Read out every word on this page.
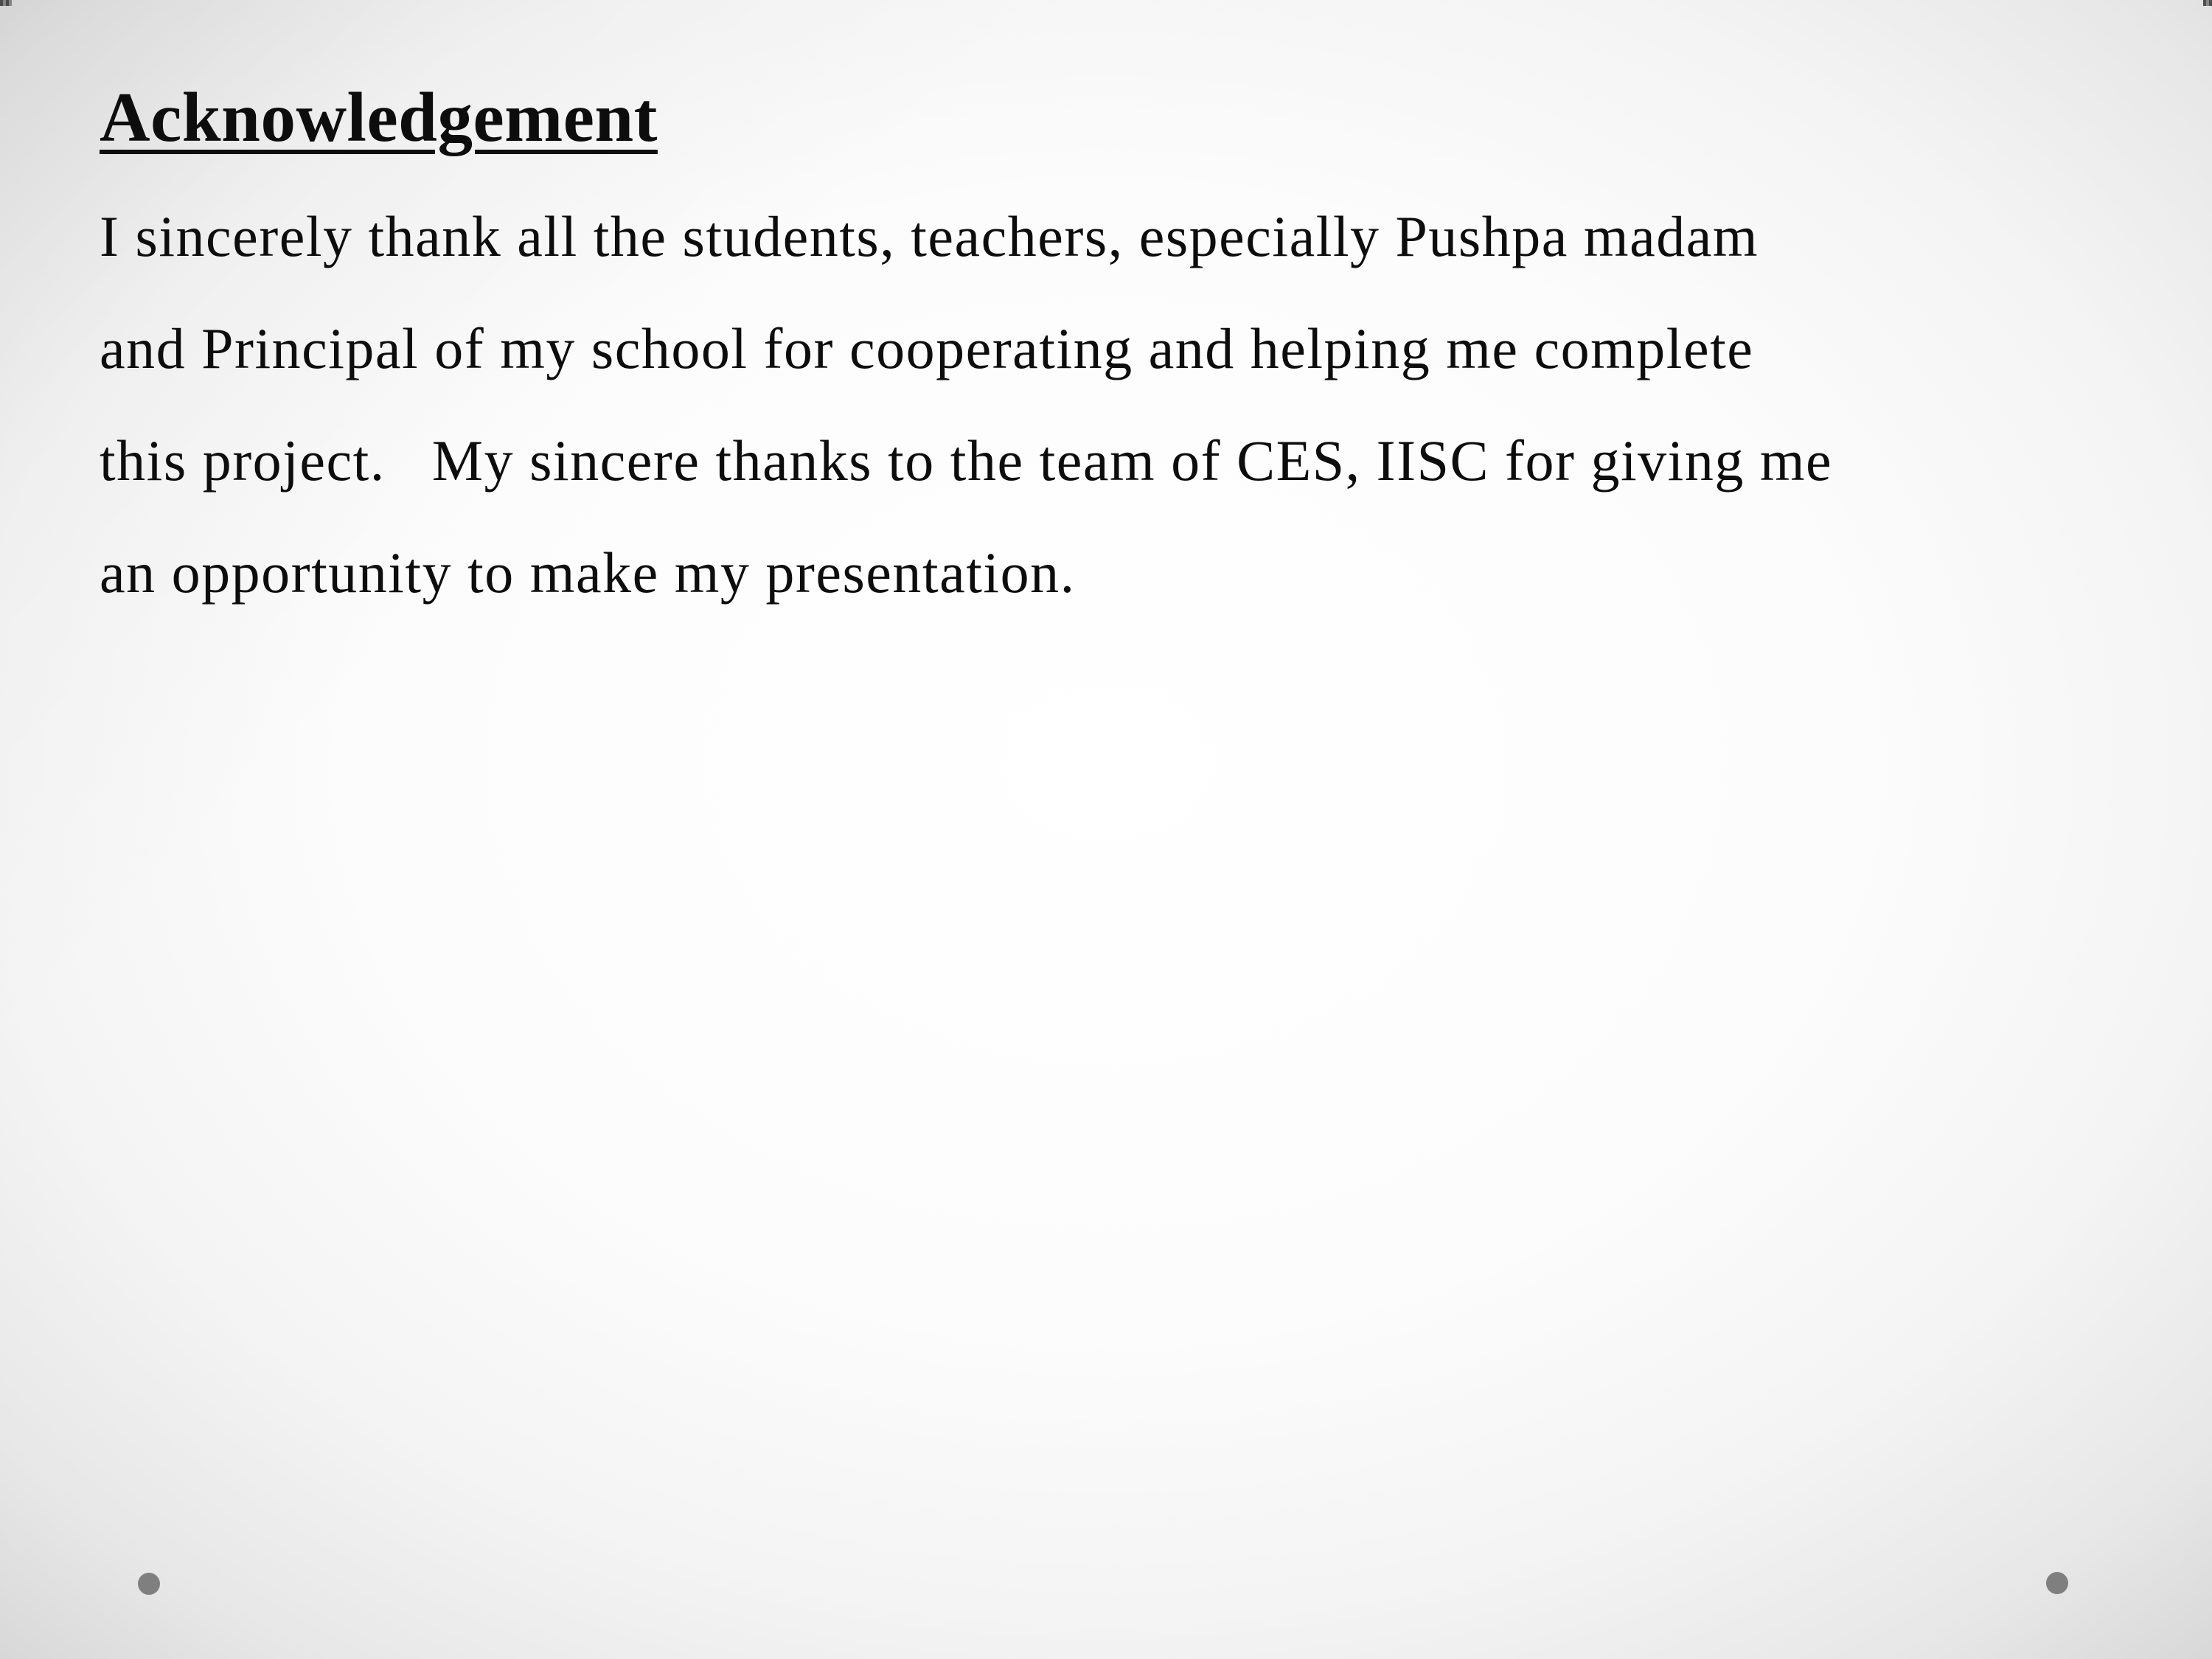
Acknowledgement
I sincerely thank all the students, teachers, especially Pushpa madam
and Principal of my school for cooperating and helping me complete
this project.   My sincere thanks to the team of CES, IISC for giving me
an opportunity to make my presentation.
